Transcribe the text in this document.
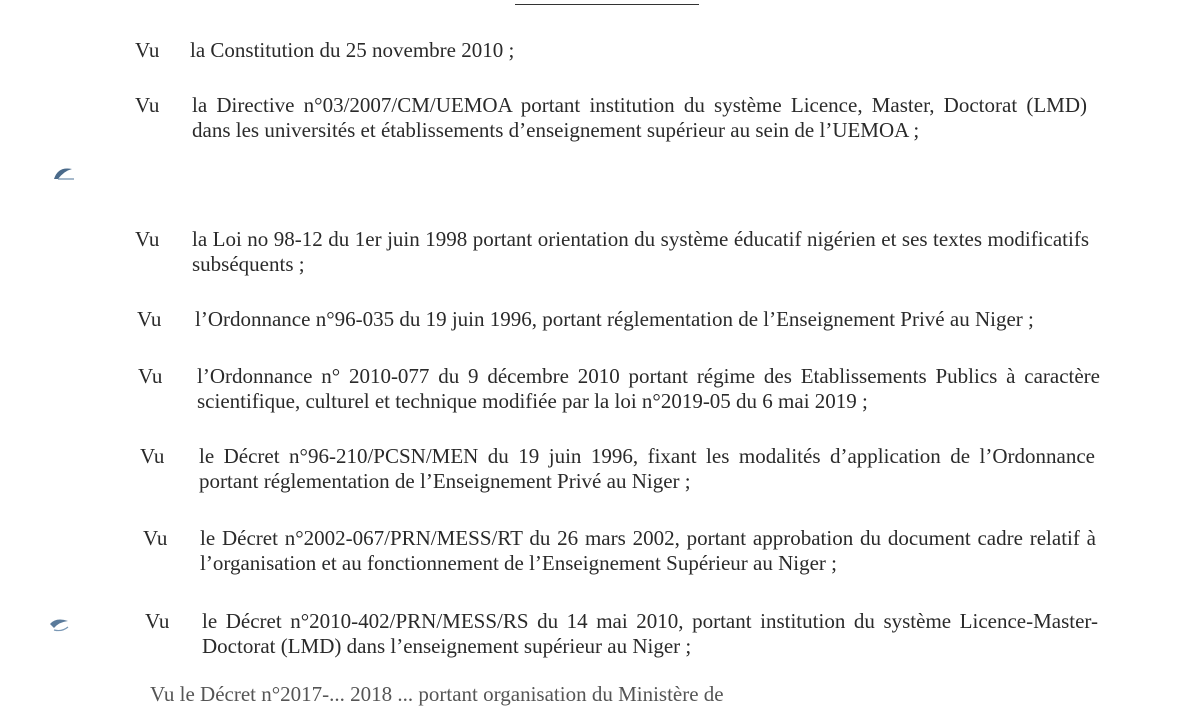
Vu	la Constitution du 25 novembre 2010 ;
Vu	la Directive n°03/2007/CM/UEMOA portant institution du système Licence, Master, Doctorat (LMD) dans les universités et établissements d’enseignement supérieur au sein de l’UEMOA ;
Vu	la Loi no 98-12 du 1er juin 1998 portant orientation du système éducatif nigérien et ses textes modificatifs subséquents ;
Vu	l’Ordonnance n°96-035 du 19 juin 1996, portant réglementation de l’Enseignement Privé au Niger ;
Vu	l’Ordonnance n° 2010-077 du 9 décembre 2010 portant régime des Etablissements Publics à caractère scientifique, culturel et technique modifiée par la loi n°2019-05 du 6 mai 2019 ;
Vu	le Décret n°96-210/PCSN/MEN du 19 juin 1996, fixant les modalités d’application de l’Ordonnance portant réglementation de l’Enseignement Privé au Niger ;
Vu	le Décret n°2002-067/PRN/MESS/RT du 26 mars 2002, portant approbation du document cadre relatif à l’organisation et au fonctionnement de l’Enseignement Supérieur au Niger ;
Vu	le Décret n°2010-402/PRN/MESS/RS du 14 mai 2010, portant institution du système Licence-Master-Doctorat (LMD) dans l’enseignement supérieur au Niger ;
Vu le Décret n°2017-... 2018 ... portant organisation du Ministère de
